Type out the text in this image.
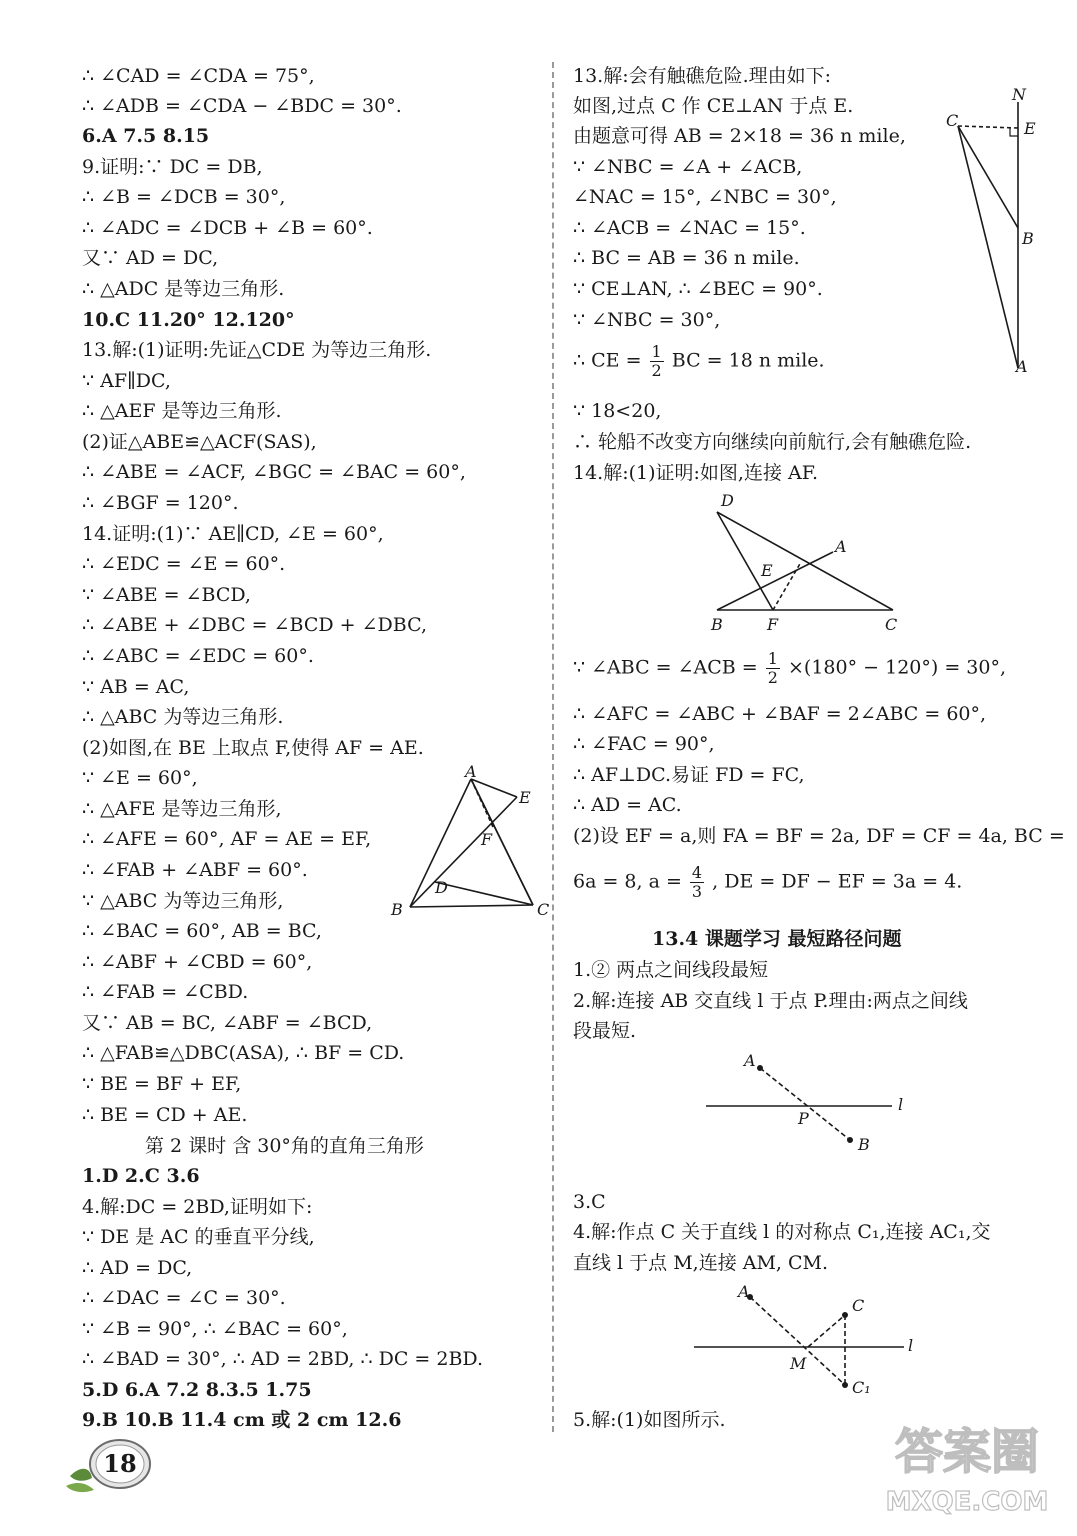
∴ ∠CAD = ∠CDA = 75°,
∴ ∠ADB = ∠CDA − ∠BDC = 30°.
6.A 7.5 8.15
9.证明:∵ DC = DB,
∴ ∠B = ∠DCB = 30°,
∴ ∠ADC = ∠DCB + ∠B = 60°.
又∵ AD = DC,
∴ △ADC 是等边三角形.
10.C 11.20° 12.120°
13.解:(1)证明:先证△CDE 为等边三角形.
∵ AF∥DC,
∴ △AEF 是等边三角形.
(2)证△ABE≌△ACF(SAS),
∴ ∠ABE = ∠ACF, ∠BGC = ∠BAC = 60°,
∴ ∠BGF = 120°.
14.证明:(1)∵ AE∥CD, ∠E = 60°,
∴ ∠EDC = ∠E = 60°.
∵ ∠ABE = ∠BCD,
∴ ∠ABE + ∠DBC = ∠BCD + ∠DBC,
∴ ∠ABC = ∠EDC = 60°.
∵ AB = AC,
∴ △ABC 为等边三角形.
(2)如图,在 BE 上取点 F,使得 AF = AE.
∵ ∠E = 60°,
∴ △AFE 是等边三角形,
∴ ∠AFE = 60°, AF = AE = EF,
∴ ∠FAB + ∠ABF = 60°.
∵ △ABC 为等边三角形,
∴ ∠BAC = 60°, AB = BC,
∴ ∠ABF + ∠CBD = 60°,
∴ ∠FAB = ∠CBD.
又∵ AB = BC, ∠ABF = ∠BCD,
∴ △FAB≌△DBC(ASA), ∴ BF = CD.
∵ BE = BF + EF,
∴ BE = CD + AE.
第 2 课时 含 30°角的直角三角形
1.D 2.C 3.6
4.解:DC = 2BD,证明如下:
∵ DE 是 AC 的垂直平分线,
∴ AD = DC,
∴ ∠DAC = ∠C = 30°.
∵ ∠B = 90°, ∴ ∠BAC = 60°,
∴ ∠BAD = 30°, ∴ AD = 2BD, ∴ DC = 2BD.
5.D 6.A 7.2 8.3.5 1.75
9.B 10.B 11.4 cm 或 2 cm 12.6
A
E
F
D
B	C
13.解:会有触礁危险.理由如下:
如图,过点 C 作 CE⊥AN 于点 E.
由题意可得 AB = 2×18 = 36 n mile,
∵ ∠NBC = ∠A + ∠ACB,
∠NAC = 15°, ∠NBC = 30°,
∴ ∠ACB = ∠NAC = 15°.
∴ BC = AB = 36 n mile.
∵ CE⊥AN, ∴ ∠BEC = 90°.
∵ ∠NBC = 30°,
∴ CE = $\frac{1}{2}$ BC = 18 n mile.
∵ 18<20,
∴ 轮船不改变方向继续向前航行,会有触礁危险.
14.解:(1)证明:如图,连接 AF.
∵ ∠ABC = ∠ACB = $\frac{1}{2} \times(180^\circ - 120^\circ) = 30^\circ$,
∴ ∠AFC = ∠ABC + ∠BAF = 2∠ABC = 60°,
∴ ∠FAC = 90°,
∴ AF⊥DC.易证 FD = FC,
∴ AD = AC.
(2)设 EF = a,则 FA = BF = 2a, DF = CF = 4a, BC =
6a = 8, $a = \frac{4}{3}$ , DE = DF − EF = 3a = 4.
13.4 课题学习 最短路径问题
1.② 两点之间线段最短
2.解:连接 AB 交直线 l 于点 P.理由:两点之间线
段最短.
3.C
4.解:作点 C 关于直线 l 的对称点 C₁,连接 AC₁,交
直线 l 于点 M,连接 AM, CM.
5.解:(1)如图所示.
N
C	E
B
A
D
A
E
B	F	C
A
l
P
B
A
C
l
M
C₁
18	答案圈
MXQE.COM
